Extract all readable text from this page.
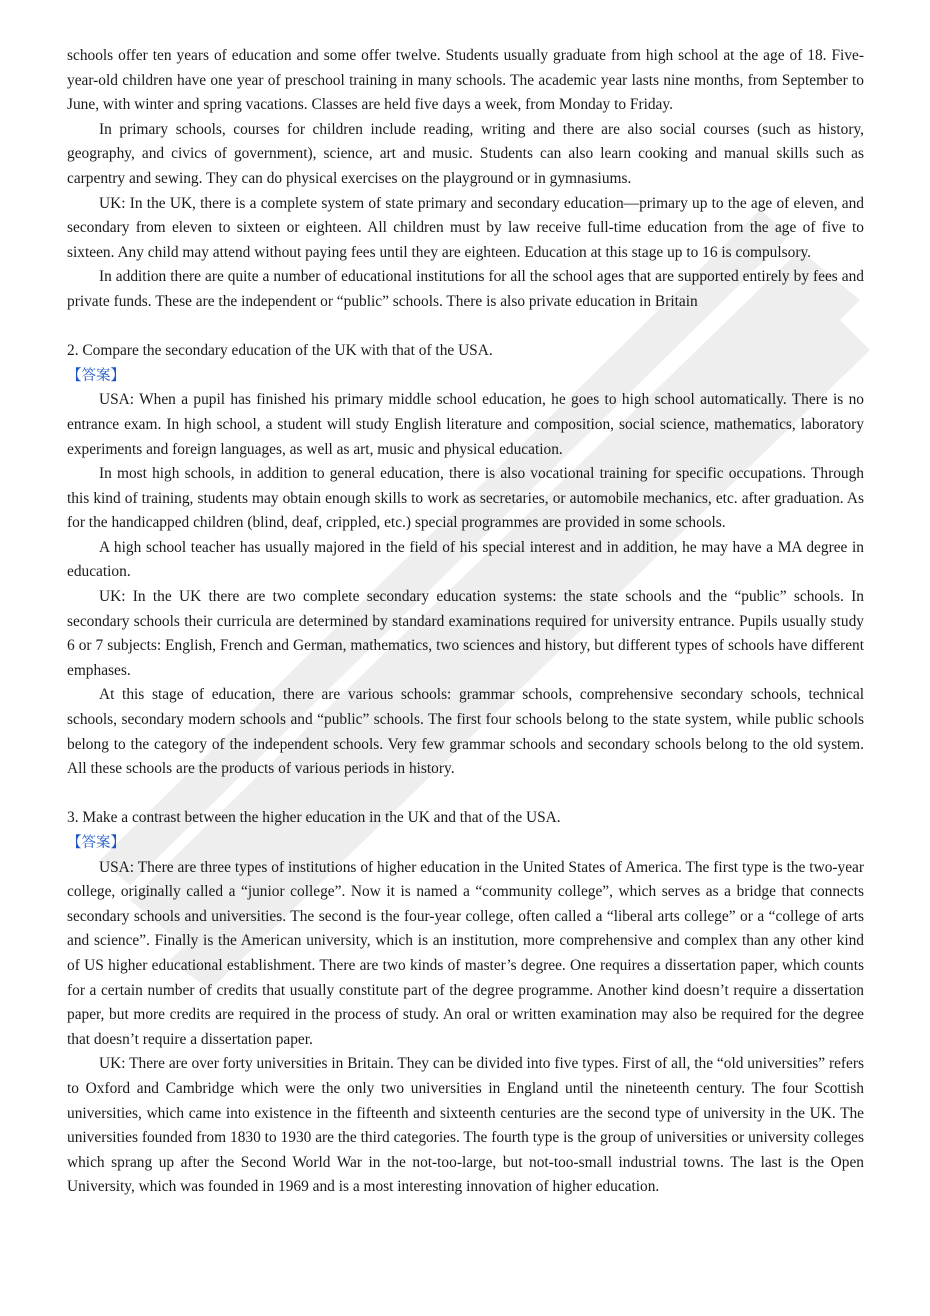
schools offer ten years of education and some offer twelve. Students usually graduate from high school at the age of 18. Five-year-old children have one year of preschool training in many schools. The academic year lasts nine months, from September to June, with winter and spring vacations. Classes are held five days a week, from Monday to Friday.

In primary schools, courses for children include reading, writing and there are also social courses (such as history, geography, and civics of government), science, art and music. Students can also learn cooking and manual skills such as carpentry and sewing. They can do physical exercises on the playground or in gymnasiums.

UK: In the UK, there is a complete system of state primary and secondary education—primary up to the age of eleven, and secondary from eleven to sixteen or eighteen. All children must by law receive full-time education from the age of five to sixteen. Any child may attend without paying fees until they are eighteen. Education at this stage up to 16 is compulsory.

In addition there are quite a number of educational institutions for all the school ages that are supported entirely by fees and private funds. These are the independent or “public” schools. There is also private education in Britain

2. Compare the secondary education of the UK with that of the USA.

【答案】

USA: When a pupil has finished his primary middle school education, he goes to high school automatically. There is no entrance exam. In high school, a student will study English literature and composition, social science, mathematics, laboratory experiments and foreign languages, as well as art, music and physical education.

In most high schools, in addition to general education, there is also vocational training for specific occupations. Through this kind of training, students may obtain enough skills to work as secretaries, or automobile mechanics, etc. after graduation. As for the handicapped children (blind, deaf, crippled, etc.) special programmes are provided in some schools.

A high school teacher has usually majored in the field of his special interest and in addition, he may have a MA degree in education.

UK: In the UK there are two complete secondary education systems: the state schools and the “public” schools. In secondary schools their curricula are determined by standard examinations required for university entrance. Pupils usually study 6 or 7 subjects: English, French and German, mathematics, two sciences and history, but different types of schools have different emphases.

At this stage of education, there are various schools: grammar schools, comprehensive secondary schools, technical schools, secondary modern schools and “public” schools. The first four schools belong to the state system, while public schools belong to the category of the independent schools. Very few grammar schools and secondary schools belong to the old system. All these schools are the products of various periods in history.

3. Make a contrast between the higher education in the UK and that of the USA.

【答案】

USA: There are three types of institutions of higher education in the United States of America. The first type is the two-year college, originally called a “junior college”. Now it is named a “community college”, which serves as a bridge that connects secondary schools and universities. The second is the four-year college, often called a “liberal arts college” or a “college of arts and science”. Finally is the American university, which is an institution, more comprehensive and complex than any other kind of US higher educational establishment. There are two kinds of master’s degree. One requires a dissertation paper, which counts for a certain number of credits that usually constitute part of the degree programme. Another kind doesn’t require a dissertation paper, but more credits are required in the process of study. An oral or written examination may also be required for the degree that doesn’t require a dissertation paper.

UK: There are over forty universities in Britain. They can be divided into five types. First of all, the “old universities” refers to Oxford and Cambridge which were the only two universities in England until the nineteenth century. The four Scottish universities, which came into existence in the fifteenth and sixteenth centuries are the second type of university in the UK. The universities founded from 1830 to 1930 are the third categories. The fourth type is the group of universities or university colleges which sprang up after the Second World War in the not-too-large, but not-too-small industrial towns. The last is the Open University, which was founded in 1969 and is a most interesting innovation of higher education.
